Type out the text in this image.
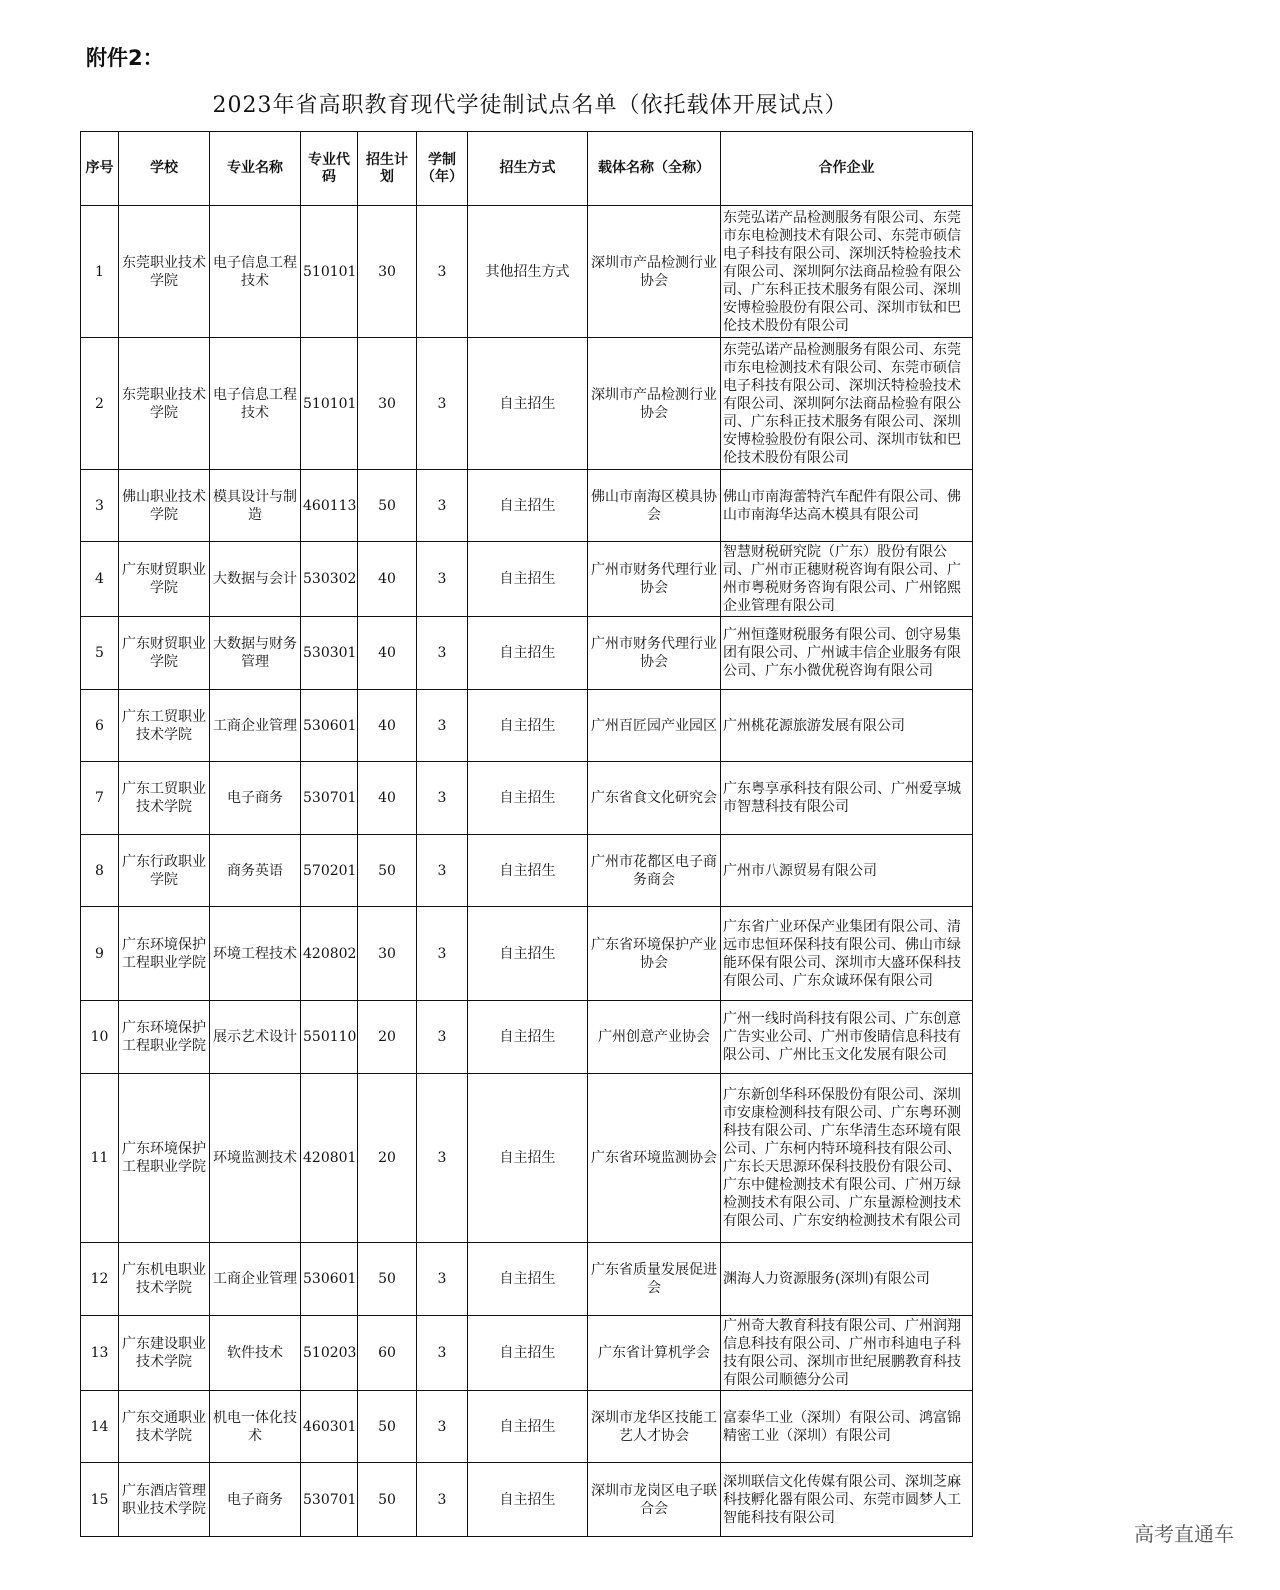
附件2：
2023年省高职教育现代学徒制试点名单（依托载体开展试点）
序号	学校	专业名称	专业代码	招生计划	学制（年）	招生方式	载体名称（全称）	合作企业
1	东莞职业技术学院	电子信息工程技术	510101	30	3	其他招生方式	深圳市产品检测行业协会	东莞弘诺产品检测服务有限公司、东莞市东电检测技术有限公司、东莞市硕信电子科技有限公司、深圳沃特检验技术有限公司、深圳阿尔法商品检验有限公司、广东科正技术服务有限公司、深圳安博检验股份有限公司、深圳市钛和巴伦技术股份有限公司
2	东莞职业技术学院	电子信息工程技术	510101	30	3	自主招生	深圳市产品检测行业协会	东莞弘诺产品检测服务有限公司、东莞市东电检测技术有限公司、东莞市硕信电子科技有限公司、深圳沃特检验技术有限公司、深圳阿尔法商品检验有限公司、广东科正技术服务有限公司、深圳安博检验股份有限公司、深圳市钛和巴伦技术股份有限公司
3	佛山职业技术学院	模具设计与制造	460113	50	3	自主招生	佛山市南海区模具协会	佛山市南海蕾特汽车配件有限公司、佛山市南海华达高木模具有限公司
4	广东财贸职业学院	大数据与会计	530302	40	3	自主招生	广州市财务代理行业协会	智慧财税研究院（广东）股份有限公司、广州市正穗财税咨询有限公司、广州市粤税财务咨询有限公司、广州铭熙企业管理有限公司
5	广东财贸职业学院	大数据与财务管理	530301	40	3	自主招生	广州市财务代理行业协会	广州恒蓬财税服务有限公司、创守易集团有限公司、广州诚丰信企业服务有限公司、广东小微优税咨询有限公司
6	广东工贸职业技术学院	工商企业管理	530601	40	3	自主招生	广州百匠园产业园区	广州桃花源旅游发展有限公司
7	广东工贸职业技术学院	电子商务	530701	40	3	自主招生	广东省食文化研究会	广东粤享承科技有限公司、广州爱享城市智慧科技有限公司
8	广东行政职业学院	商务英语	570201	50	3	自主招生	广州市花都区电子商务商会	广州市八源贸易有限公司
9	广东环境保护工程职业学院	环境工程技术	420802	30	3	自主招生	广东省环境保护产业协会	广东省广业环保产业集团有限公司、清远市忠恒环保科技有限公司、佛山市绿能环保有限公司、深圳市大盛环保科技有限公司、广东众诚环保有限公司
10	广东环境保护工程职业学院	展示艺术设计	550110	20	3	自主招生	广州创意产业协会	广州一线时尚科技有限公司、广东创意广告实业公司、广州市俊睛信息科技有限公司、广州比玉文化发展有限公司
11	广东环境保护工程职业学院	环境监测技术	420801	20	3	自主招生	广东省环境监测协会	广东新创华科环保股份有限公司、深圳市安康检测科技有限公司、广东粤环测科技有限公司、广东华清生态环境有限公司、广东柯内特环境科技有限公司、广东长天思源环保科技股份有限公司、广东中健检测技术有限公司、广州万绿检测技术有限公司、广东量源检测技术有限公司、广东安纳检测技术有限公司
12	广东机电职业技术学院	工商企业管理	530601	50	3	自主招生	广东省质量发展促进会	渊海人力资源服务(深圳)有限公司
13	广东建设职业技术学院	软件技术	510203	60	3	自主招生	广东省计算机学会	广州奇大教育科技有限公司、广州润翔信息科技有限公司、广州市科迪电子科技有限公司、深圳市世纪展鹏教育科技有限公司顺德分公司
14	广东交通职业技术学院	机电一体化技术	460301	50	3	自主招生	深圳市龙华区技能工艺人才协会	富泰华工业（深圳）有限公司、鸿富锦精密工业（深圳）有限公司
15	广东酒店管理职业技术学院	电子商务	530701	50	3	自主招生	深圳市龙岗区电子联合会	深圳联信文化传媒有限公司、深圳芝麻科技孵化器有限公司、东莞市圆梦人工智能科技有限公司
高考直通车
